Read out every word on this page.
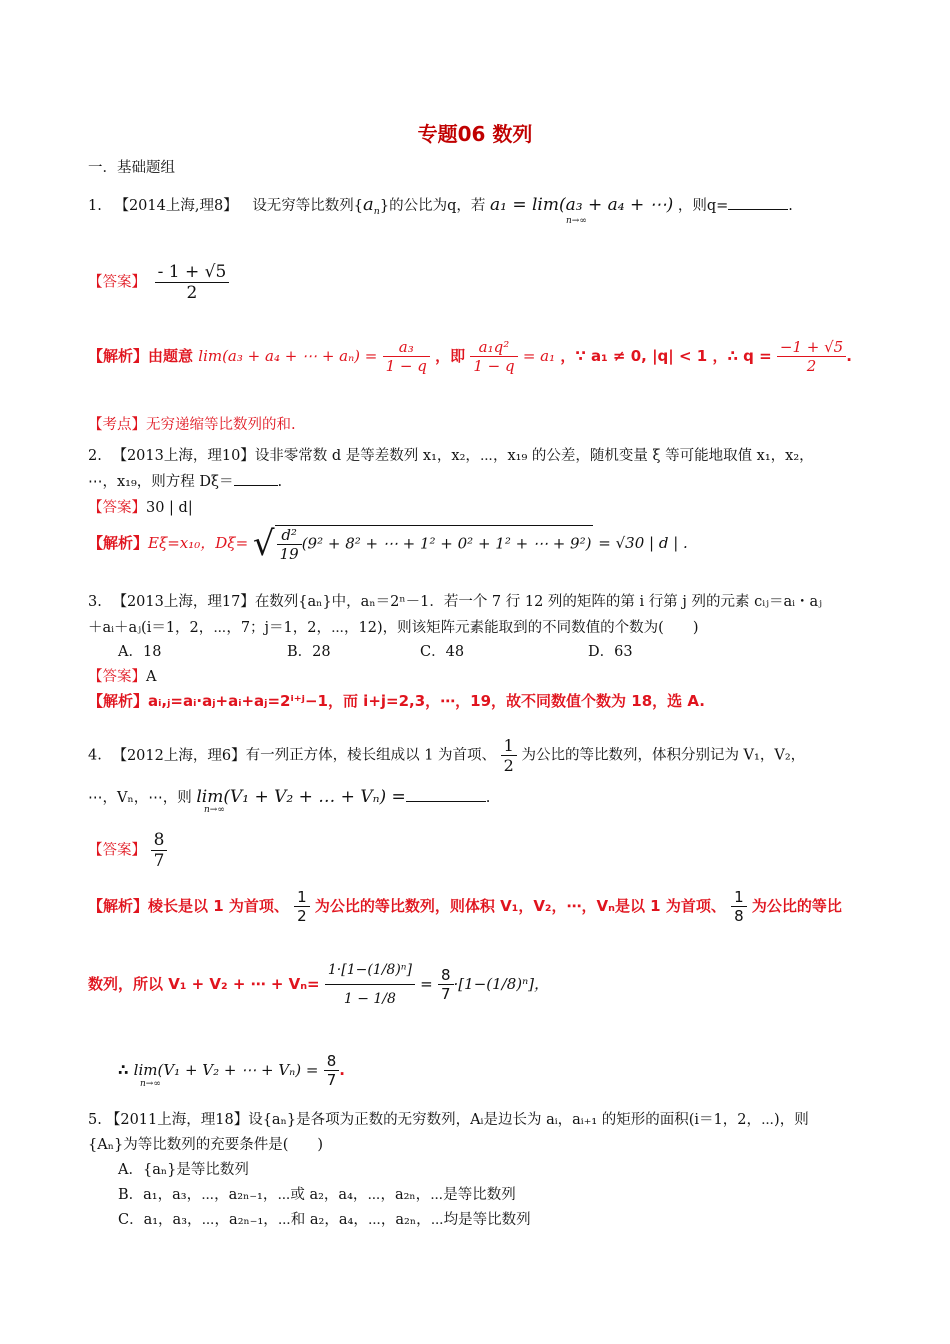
专题06 数列
一．基础题组
1. 【2014上海,理8】 设无穷等比数列$\{a_n\}$的公比为q，若 a₁ = lim(a₃ + a₄ + ⋯) ，则q=	.
n→∞
【答案】 $\frac{- 1 + √5}{2}$
【解析】由题意 lim(a₃ + a₄ + ⋯ + $a_n) = \frac{\text{a₃}}{1 - q}$ ，即 $\frac{\text{a₁q²}}{1 - q} = a_1$ ，∵ a₁ ≠ 0, |q| < 1 ，∴ $q = \frac{-1 + √5}{2}$ .
【考点】无穷递缩等比数列的和.
2. 【2013上海，理10】设非零常数 d 是等差数列 x₁，x₂，⋯，x₁₉ 的公差，随机变量 ξ 等可能地取值 x₁，x₂，
⋯，x₁₉，则方程 Dξ＝	.
【答案】30 | d|
【解析】Eξ=x₁₀，Dξ= √ $\frac{\text{d²}}{19} (9^2 + 8^2$ + ⋯ + 1² + 0² + 1² + ⋯ + 9²) = √30 | d | .
3. 【2013上海，理17】在数列{aₙ}中，aₙ＝2ⁿ－1．若一个 7 行 12 列的矩阵的第 i 行第 j 列的元素 cᵢⱼ＝aᵢ・aⱼ
＋aᵢ＋aⱼ(i＝1，2，⋯，7；j＝1，2，⋯，12)，则该矩阵元素能取到的不同数值的个数为(　　)
A．18	B．28	C．48	D．63
【答案】A
【解析】aᵢ,ⱼ=aᵢ·aⱼ+aᵢ+aⱼ=2ⁱ⁺ʲ−1，而 i+j=2,3，⋯，19，故不同数值个数为 18，选 A.
4. 【2012上海，理6】有一列正方体，棱长组成以 1 为首项、 $\frac{1}{2}$ 为公比的等比数列，体积分别记为 V₁，V₂，
⋯，Vₙ，⋯，则 lim(V₁ + V₂ + … + Vₙ) =	.
n→∞
【答案】 $\frac{8}{7}$
【解析】棱长是以 1 为首项、 $\frac{1}{2}$ 为公比的等比数列，则体积 V₁，V₂，⋯，Vₙ是以 1 为首项、 $\frac{1}{8}$ 为公比的等比
数列，所以 V₁ + V₂ + ⋯ + $V_n= \frac{\text{1·[1−(1/8)ⁿ]}}{1 - 1/8} = \frac{8}{7} \cdot[1-(1/8)^n]$，
∴ lim(V₁ + V₂ + ⋯ + $V_n) = \frac{8}{7}$ .
n→∞
5. 【2011上海，理18】设{aₙ}是各项为正数的无穷数列，Aᵢ是边长为 aᵢ，aᵢ₊₁ 的矩形的面积(i＝1，2，⋯)，则
{Aₙ}为等比数列的充要条件是(　　)
A．{aₙ}是等比数列
B．a₁，a₃，⋯，a₂ₙ₋₁，⋯或 a₂，a₄，⋯，a₂ₙ，⋯是等比数列
C．a₁，a₃，⋯，a₂ₙ₋₁，⋯和 a₂，a₄，⋯，a₂ₙ，⋯均是等比数列
